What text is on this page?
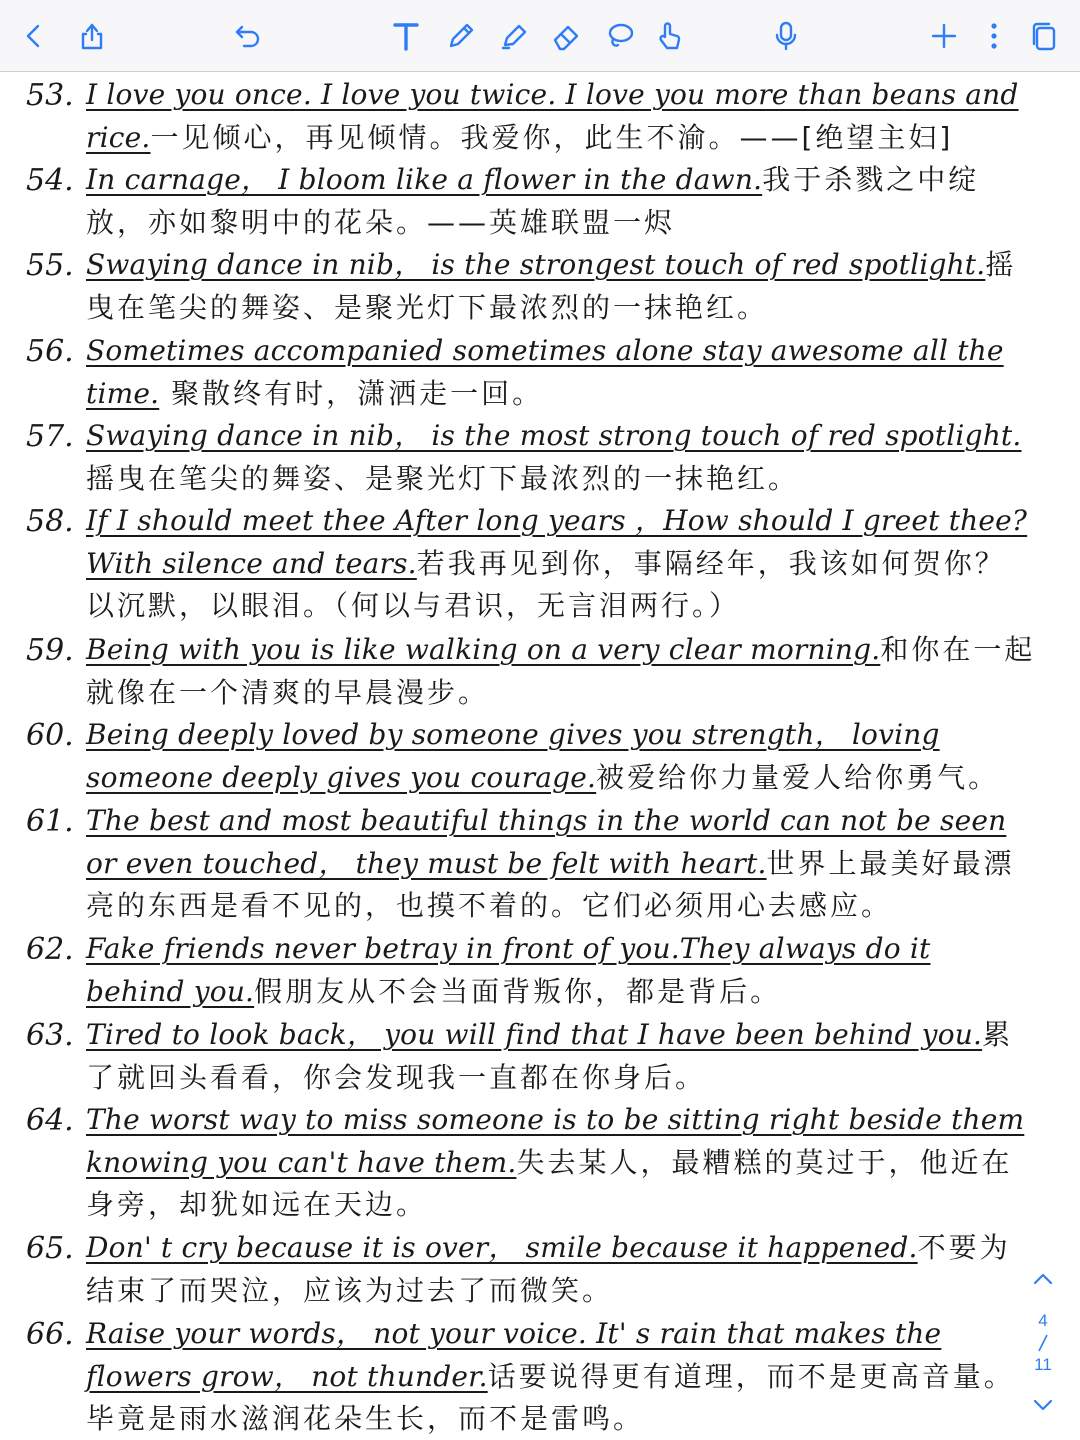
53. I love you once. I love you twice. I love you more than beans and rice.一见倾心，再见倾情。我爱你，此生不渝。——[绝望主妇]
54. In carnage， I bloom like a flower in the dawn.我于杀戮之中绽放，亦如黎明中的花朵。——英雄联盟一烬
55. Swaying dance in nib， is the strongest touch of red spotlight.摇曳在笔尖的舞姿、是聚光灯下最浓烈的一抹艳红。
56. Sometimes accompanied sometimes alone stay awesome all the time. 聚散终有时，潇洒走一回。
57. Swaying dance in nib， is the most strong touch of red spotlight.摇曳在笔尖的舞姿、是聚光灯下最浓烈的一抹艳红。
58. If I should meet thee After long years ，How should I greet thee? With silence and tears.若我再见到你，事隔经年，我该如何贺你？以沉默，以眼泪。（何以与君识，无言泪两行。）
59. Being with you is like walking on a very clear morning.和你在一起就像在一个清爽的早晨漫步。
60. Being deeply loved by someone gives you strength， loving someone deeply gives you courage.被爱给你力量爱人给你勇气。
61. The best and most beautiful things in the world can not be seen or even touched， they must be felt with heart.世界上最美好最漂亮的东西是看不见的，也摸不着的。它们必须用心去感应。
62. Fake friends never betray in front of you.They always do it behind you.假朋友从不会当面背叛你，都是背后。
63. Tired to look back， you will find that I have been behind you.累了就回头看看，你会发现我一直都在你身后。
64. The worst way to miss someone is to be sitting right beside them knowing you can't have them.失去某人，最糟糕的莫过于，他近在身旁，却犹如远在天边。
65. Don' t cry because it is over， smile because it happened.不要为结束了而哭泣，应该为过去了而微笑。
66. Raise your words， not your voice. It' s rain that makes the flowers grow， not thunder.话要说得更有道理，而不是更高音量。毕竟是雨水滋润花朵生长，而不是雷鸣。
4
11
